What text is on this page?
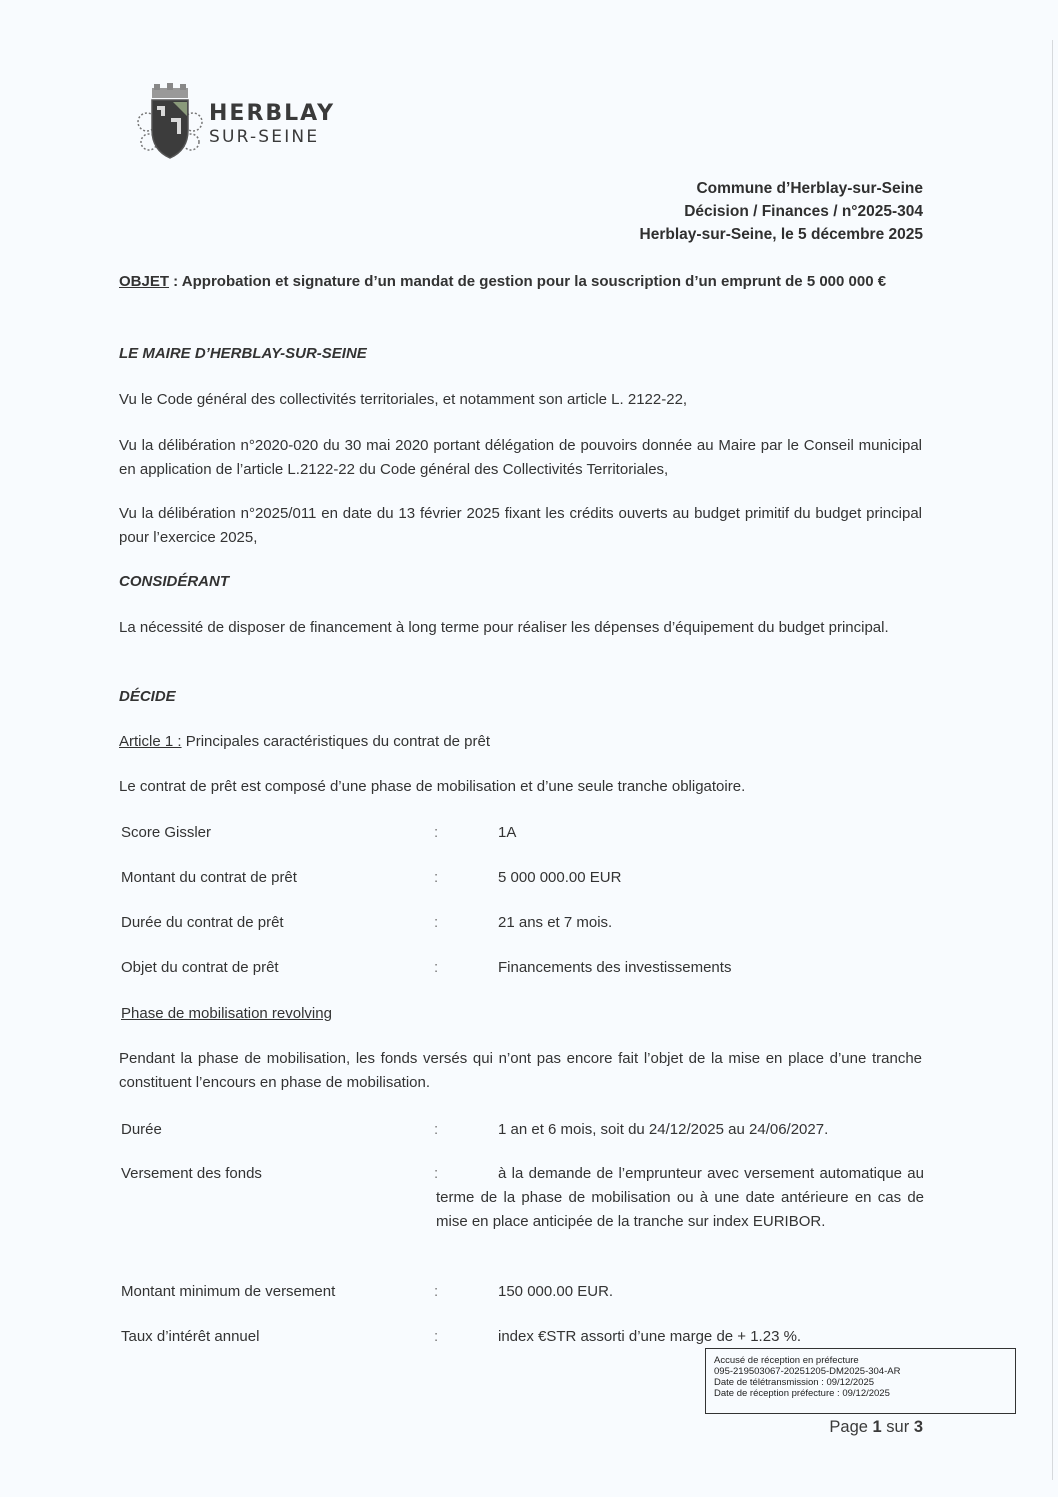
HERBLAY
SUR-SEINE
Commune d’Herblay-sur-Seine
Décision / Finances / n°2025-304
Herblay-sur-Seine, le 5 décembre 2025
OBJET : Approbation et signature d’un mandat de gestion pour la souscription d’un emprunt de 5 000 000 €
LE MAIRE D’HERBLAY-SUR-SEINE
Vu le Code général des collectivités territoriales, et notamment son article L. 2122-22,
Vu la délibération n°2020-020 du 30 mai 2020 portant délégation de pouvoirs donnée au Maire par le Conseil municipal en application de l’article L.2122-22 du Code général des Collectivités Territoriales,
Vu la délibération n°2025/011 en date du 13 février 2025 fixant les crédits ouverts au budget primitif du budget principal pour l’exercice 2025,
CONSIDÉRANT
La nécessité de disposer de financement à long terme pour réaliser les dépenses d’équipement du budget principal.
DÉCIDE
Article 1 : Principales caractéristiques du contrat de prêt
Le contrat de prêt est composé d’une phase de mobilisation et d’une seule tranche obligatoire.
Score Gissler	:	1A
Montant du contrat de prêt	:	5 000 000.00 EUR
Durée du contrat de prêt	:	21 ans et 7 mois.
Objet du contrat de prêt	:	Financements des investissements
Phase de mobilisation revolving
Pendant la phase de mobilisation, les fonds versés qui n’ont pas encore fait l’objet de la mise en place d’une tranche constituent l’encours en phase de mobilisation.
Durée	:	1 an et 6 mois, soit du 24/12/2025 au 24/06/2027.
Versement des fonds	:	à la demande de l’emprunteur avec versement automatique au terme de la phase de mobilisation ou à une date antérieure en cas de mise en place anticipée de la tranche sur index EURIBOR.
Montant minimum de versement	:	150 000.00 EUR.
Taux d’intérêt annuel	:	index €STR assorti d’une marge de + 1.23 %.
Accusé de réception en préfecture
095-219503067-20251205-DM2025-304-AR
Date de télétransmission : 09/12/2025
Date de réception préfecture : 09/12/2025
Page 1 sur 3
